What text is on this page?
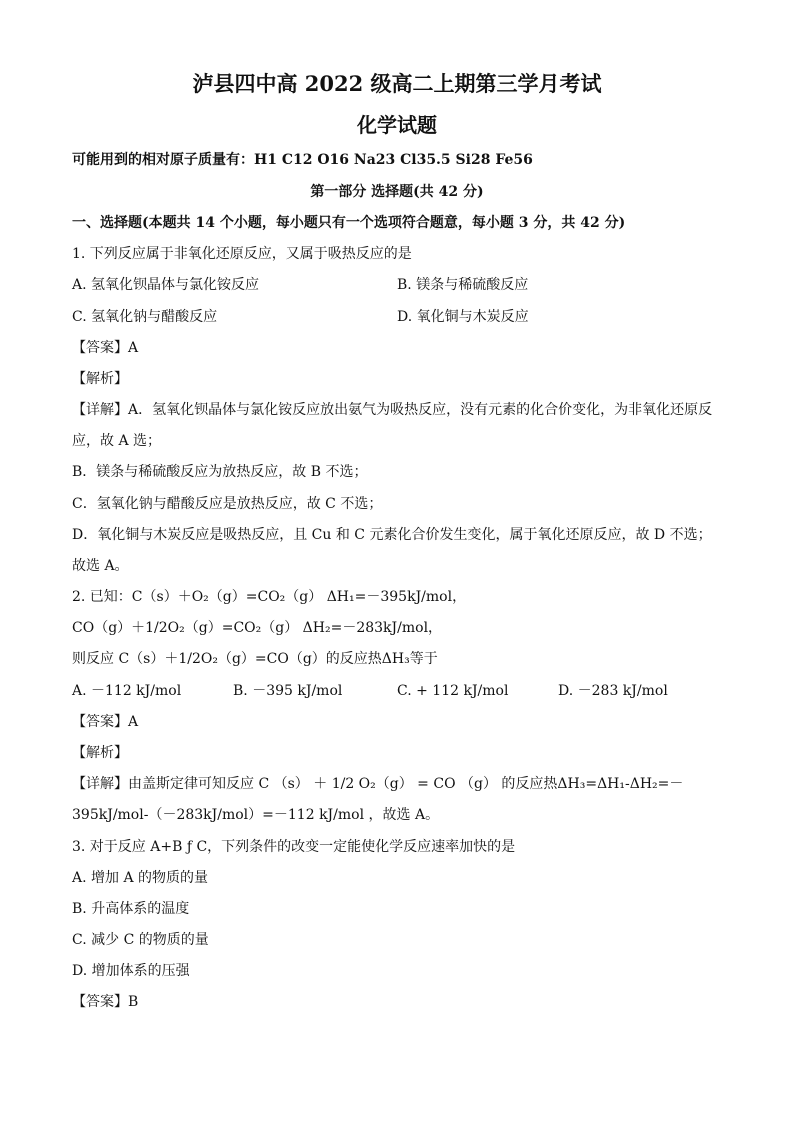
泸县四中高 2022 级高二上期第三学月考试
化学试题
可能用到的相对原子质量有：H1 C12 O16 Na23 Cl35.5 Si28 Fe56
第一部分 选择题(共 42 分)
一、选择题(本题共 14 个小题，每小题只有一个选项符合题意，每小题 3 分，共 42 分)
1. 下列反应属于非氧化还原反应，又属于吸热反应的是
A. 氢氧化钡晶体与氯化铵反应	B. 镁条与稀硫酸反应
C. 氢氧化钠与醋酸反应	D. 氧化铜与木炭反应
【答案】A
【解析】
【详解】A．氢氧化钡晶体与氯化铵反应放出氨气为吸热反应，没有元素的化合价变化，为非氧化还原反
应，故 A 选；
B．镁条与稀硫酸反应为放热反应，故 B 不选；
C．氢氧化钠与醋酸反应是放热反应，故 C 不选；
D．氧化铜与木炭反应是吸热反应，且 Cu 和 C 元素化合价发生变化，属于氧化还原反应，故 D 不选；
故选 A。
2. 已知：C（s）＋O₂（g）=CO₂（g） ΔH₁=－395kJ/mol，
CO（g）＋1/2O₂（g）=CO₂（g） ΔH₂=－283kJ/mol，
则反应 C（s）＋1/2O₂（g）=CO（g）的反应热ΔH₃等于
A. －112 kJ/mol	B. －395 kJ/mol	C. + 112 kJ/mol	D. －283 kJ/mol
【答案】A
【解析】
【详解】由盖斯定律可知反应 C （s） ＋ 1/2 O₂（g） = CO （g） 的反应热ΔH₃=ΔH₁-ΔH₂=－
395kJ/mol-（－283kJ/mol）=－112 kJ/mol ，故选 A。
3. 对于反应 A+B ƒ C，下列条件的改变一定能使化学反应速率加快的是
A. 增加 A 的物质的量
B. 升高体系的温度
C. 减少 C 的物质的量
D. 增加体系的压强
【答案】B
